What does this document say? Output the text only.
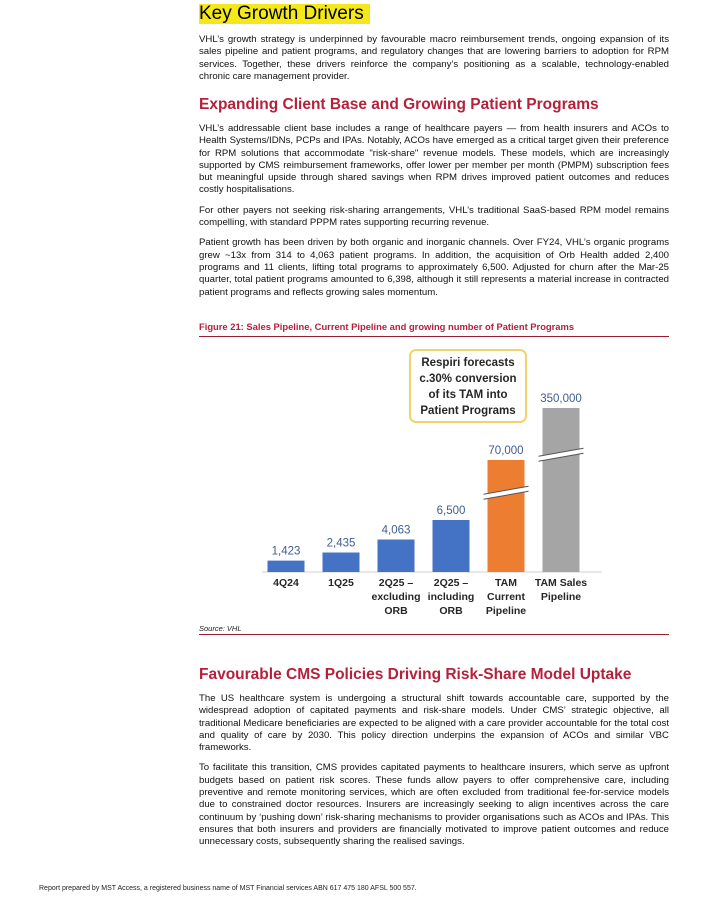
Key Growth Drivers

VHL’s growth strategy is underpinned by favourable macro reimbursement trends, ongoing expansion of its sales pipeline and patient programs, and regulatory changes that are lowering barriers to adoption for RPM services. Together, these drivers reinforce the company’s positioning as a scalable, technology-enabled chronic care management provider.

Expanding Client Base and Growing Patient Programs

VHL’s addressable client base includes a range of healthcare payers — from health insurers and ACOs to Health Systems/IDNs, PCPs and IPAs. Notably, ACOs have emerged as a critical target given their preference for RPM solutions that accommodate "risk-share" revenue models. These models, which are increasingly supported by CMS reimbursement frameworks, offer lower per member per month (PMPM) subscription fees but meaningful upside through shared savings when RPM drives improved patient outcomes and reduces costly hospitalisations.

For other payers not seeking risk-sharing arrangements, VHL’s traditional SaaS-based RPM model remains compelling, with standard PPPM rates supporting recurring revenue.

Patient growth has been driven by both organic and inorganic channels. Over FY24, VHL’s organic programs grew ~13x from 314 to 4,063 patient programs. In addition, the acquisition of Orb Health added 2,400 programs and 11 clients, lifting total programs to approximately 6,500. Adjusted for churn after the Mar-25 quarter, total patient programs amounted to 6,398, although it still represents a material increase in contracted patient programs and reflects growing sales momentum.

Figure 21: Sales Pipeline, Current Pipeline and growing number of Patient Programs
1,423
4Q24
2,435
1Q25
4,063
2Q25 –
excluding
ORB
6,500
2Q25 –
including
ORB
70,000
TAM
Current
Pipeline
350,000
TAM Sales
Pipeline
Respiri forecasts
c.30% conversion
of its TAM into
Patient Programs
Source: VHL
Favourable CMS Policies Driving Risk-Share Model Uptake

The US healthcare system is undergoing a structural shift towards accountable care, supported by the widespread adoption of capitated payments and risk-share models. Under CMS’ strategic objective, all traditional Medicare beneficiaries are expected to be aligned with a care provider accountable for the total cost and quality of care by 2030. This policy direction underpins the expansion of ACOs and similar VBC frameworks.

To facilitate this transition, CMS provides capitated payments to healthcare insurers, which serve as upfront budgets based on patient risk scores. These funds allow payers to offer comprehensive care, including preventive and remote monitoring services, which are often excluded from traditional fee-for-service models due to constrained doctor resources. Insurers are increasingly seeking to align incentives across the care continuum by ‘pushing down’ risk-sharing mechanisms to provider organisations such as ACOs and IPAs. This ensures that both insurers and providers are financially motivated to improve patient outcomes and reduce unnecessary costs, subsequently sharing the realised savings.

Report prepared by MST Access, a registered business name of MST Financial services ABN 617 475 180 AFSL 500 557.
